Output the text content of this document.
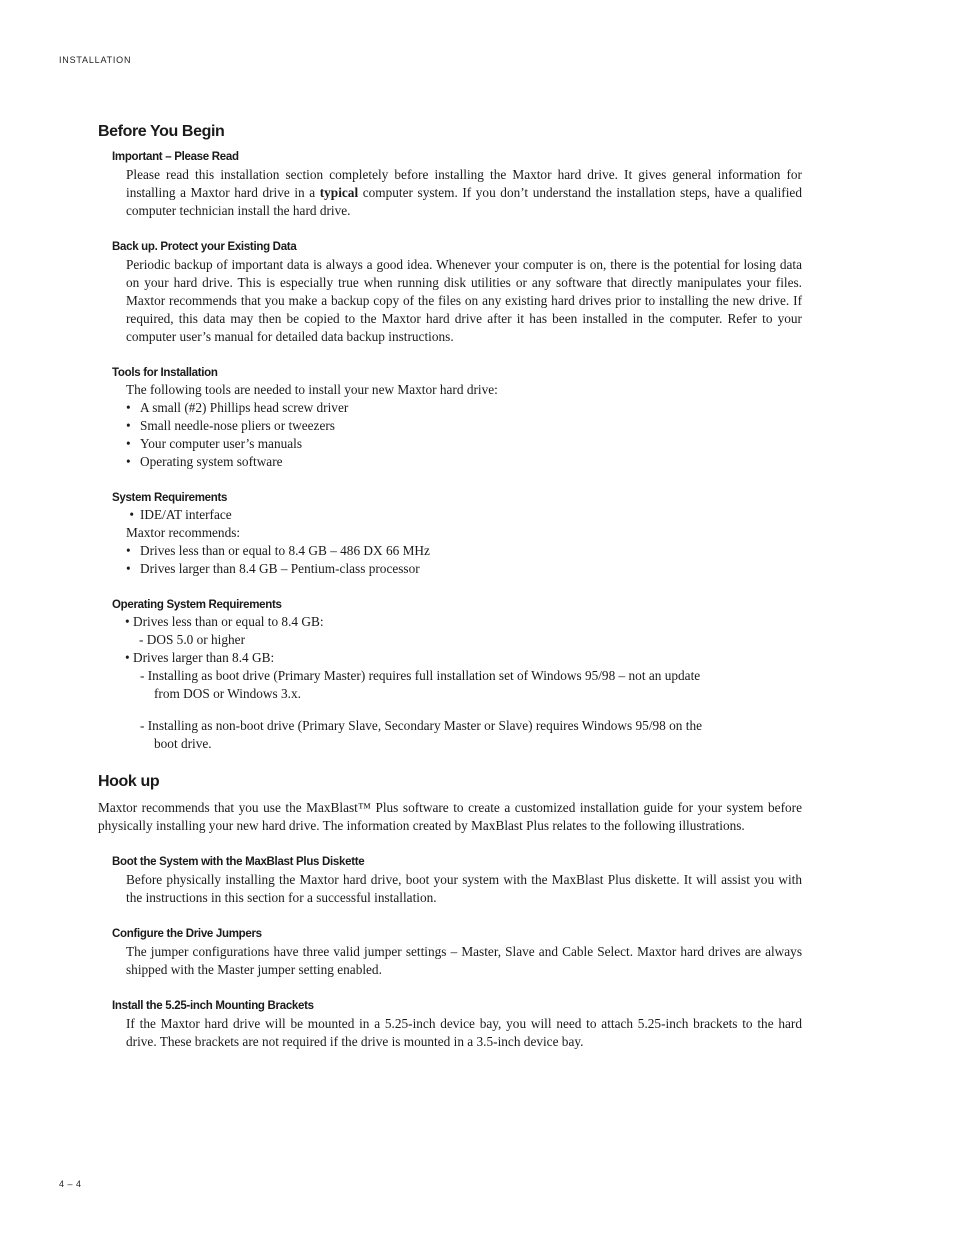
INSTALLATION
Before You Begin
Important – Please Read

Please read this installation section completely before installing the Maxtor hard drive. It gives general information for installing a Maxtor hard drive in a typical computer system. If you don’t understand the installation steps, have a qualified computer technician install the hard drive.

Back up. Protect your Existing Data

Periodic backup of important data is always a good idea. Whenever your computer is on, there is the potential for losing data on your hard drive. This is especially true when running disk utilities or any software that directly manipulates your files. Maxtor recommends that you make a backup copy of the files on any existing hard drives prior to installing the new drive. If required, this data may then be copied to the Maxtor hard drive after it has been installed in the computer. Refer to your computer user’s manual for detailed data backup instructions.

Tools for Installation
The following tools are needed to install your new Maxtor hard drive:
• A small (#2) Phillips head screw driver
• Small needle-nose pliers or tweezers
• Your computer user’s manuals
• Operating system software
System Requirements
• IDE/AT interface
Maxtor recommends:
• Drives less than or equal to 8.4 GB – 486 DX 66 MHz
• Drives larger than 8.4 GB – Pentium-class processor
Operating System Requirements
• Drives less than or equal to 8.4 GB:
- DOS 5.0 or higher
• Drives larger than 8.4 GB:
- Installing as boot drive (Primary Master) requires full installation set of Windows 95/98 – not an update
from DOS or Windows 3.x.
- Installing as non-boot drive (Primary Slave, Secondary Master or Slave) requires Windows 95/98 on the
boot drive.
Hook up

Maxtor recommends that you use the MaxBlast™ Plus software to create a customized installation guide for your system before physically installing your new hard drive. The information created by MaxBlast Plus relates to the following illustrations.

Boot the System with the MaxBlast Plus Diskette

Before physically installing the Maxtor hard drive, boot your system with the MaxBlast Plus diskette. It will assist you with the instructions in this section for a successful installation.

Configure the Drive Jumpers

The jumper configurations have three valid jumper settings – Master, Slave and Cable Select. Maxtor hard drives are always shipped with the Master jumper setting enabled.

Install the 5.25-inch Mounting Brackets

If the Maxtor hard drive will be mounted in a 5.25-inch device bay, you will need to attach 5.25-inch brackets to the hard drive. These brackets are not required if the drive is mounted in a 3.5-inch device bay.

4 – 4
